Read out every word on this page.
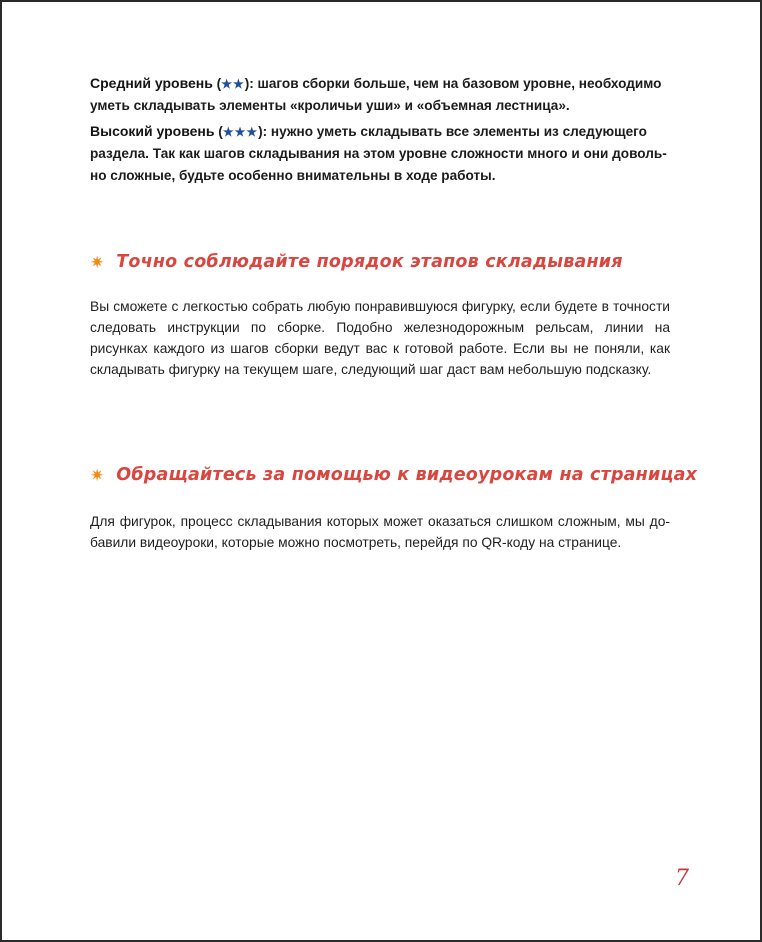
Средний уровень (★★): шагов сборки больше, чем на базовом уровне, необходимо уметь складывать элементы «кроличьи уши» и «объемная лестница».

Высокий уровень (★★★): нужно уметь складывать все элементы из следующего раздела. Так как шагов складывания на этом уровне сложности много и они довольно сложные, будьте особенно внимательны в ходе работы.

✷ Точно соблюдайте порядок этапов складывания

Вы сможете с легкостью собрать любую понравившуюся фигурку, если будете в точности следовать инструкции по сборке. Подобно железнодорожным рельсам, линии на рисунках каждого из шагов сборки ведут вас к готовой работе. Если вы не поняли, как складывать фигурку на текущем шаге, следующий шаг даст вам небольшую подсказку.

✷ Обращайтесь за помощью к видеоурокам на страницах

Для фигурок, процесс складывания которых может оказаться слишком сложным, мы добавили видеоуроки, которые можно посмотреть, перейдя по QR-коду на странице.

7
